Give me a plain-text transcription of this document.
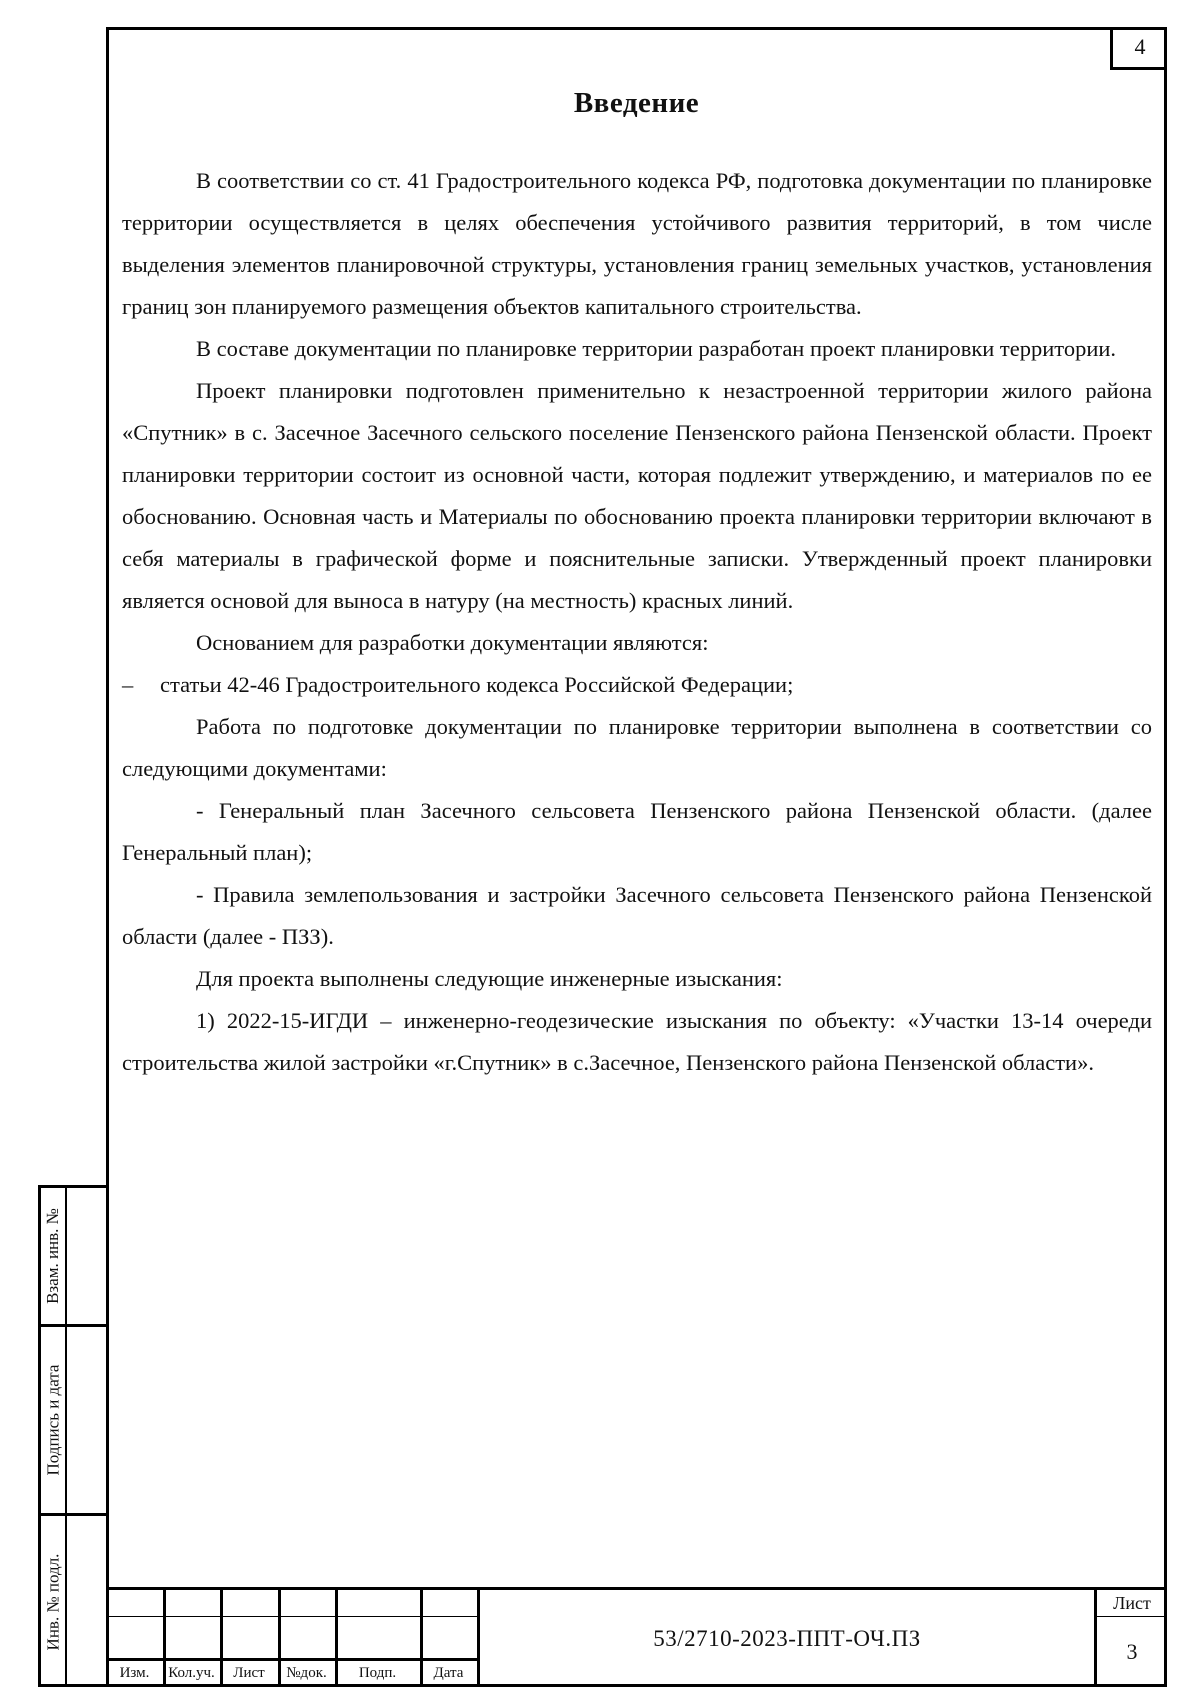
4
Введение

В соответствии со ст. 41 Градостроительного кодекса РФ, подготовка документации по планировке территории осуществляется в целях обеспечения устойчивого развития территорий, в том числе выделения элементов планировочной структуры, установления границ земельных участков, установления границ зон планируемого размещения объектов капитального строительства.

В составе документации по планировке территории разработан проект планировки территории.

Проект планировки подготовлен применительно к незастроенной территории жилого района «Спутник» в с. Засечное Засечного сельского поселение Пензенского района Пензенской области. Проект планировки территории состоит из основной части, которая подлежит утверждению, и материалов по ее обоснованию. Основная часть и Материалы по обоснованию проекта планировки территории включают в себя материалы в графической форме и пояснительные записки. Утвержденный проект планировки является основой для выноса в натуру (на местность) красных линий.

Основанием для разработки документации являются:

– статьи 42-46 Градостроительного кодекса Российской Федерации;

Работа по подготовке документации по планировке территории выполнена в соответствии со следующими документами:

- Генеральный план Засечного сельсовета Пензенского района Пензенской области. (далее Генеральный план);

- Правила землепользования и застройки Засечного сельсовета Пензенского района Пензенской области (далее - ПЗЗ).

Для проекта выполнены следующие инженерные изыскания:

1) 2022-15-ИГДИ – инженерно-геодезические изыскания по объекту: «Участки 13-14 очереди строительства жилой застройки «г.Спутник» в с.Засечное, Пензенского района Пензенской области».

Взам. инв. №
Подпись и дата
Инв. № подл.
Изм.	Кол.уч.	Лист	№док.	Подп.	Дата
53/2710-2023-ППТ-ОЧ.ПЗ
Лист
3
